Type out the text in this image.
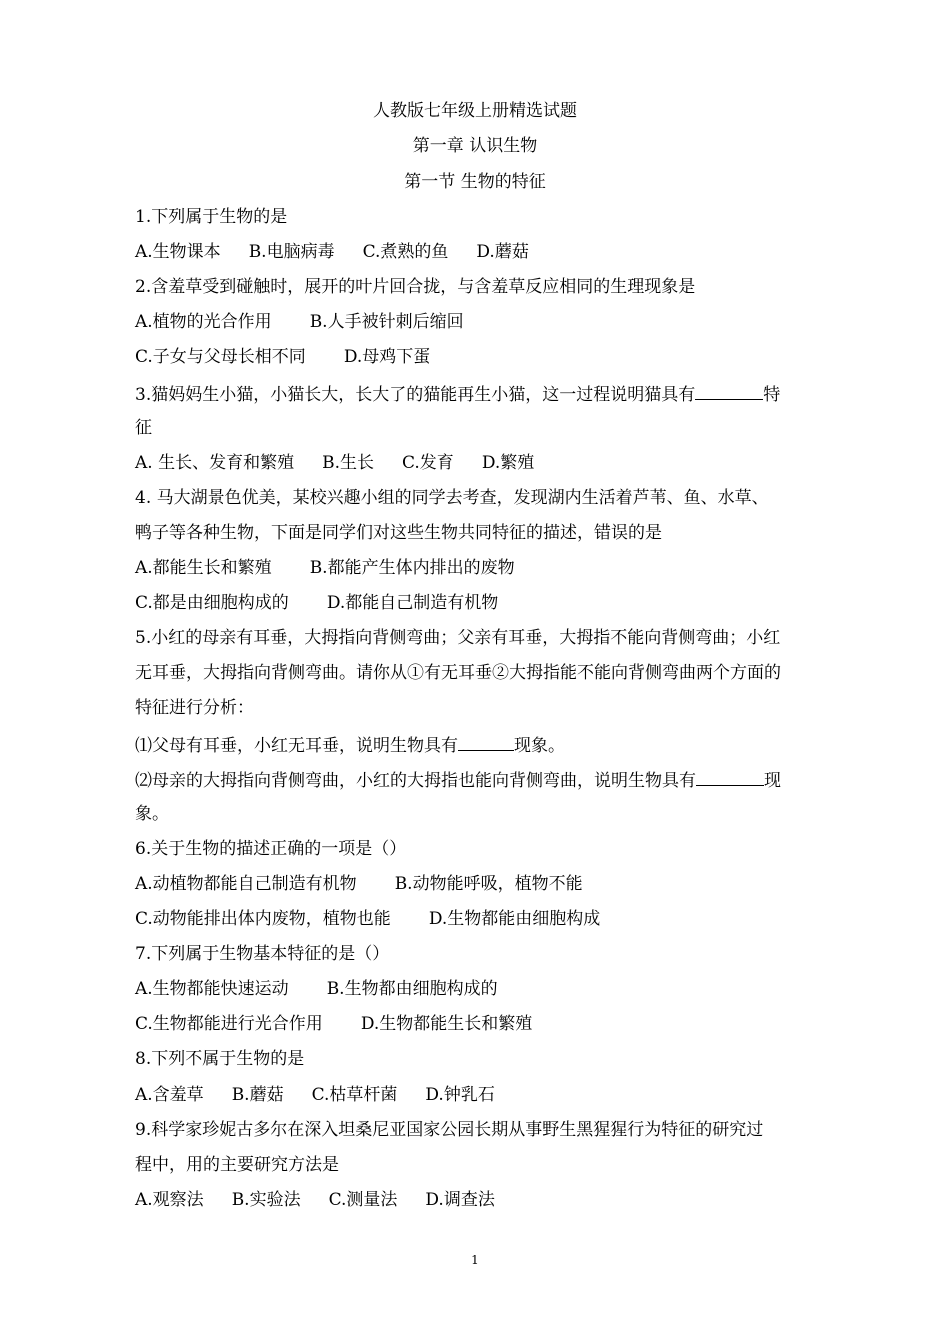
人教版七年级上册精选试题
第一章 认识生物
第一节 生物的特征
1.下列属于生物的是
A.生物课本 B.电脑病毒 C.煮熟的鱼 D.蘑菇
2.含羞草受到碰触时，展开的叶片回合拢，与含羞草反应相同的生理现象是
A.植物的光合作用 B.人手被针刺后缩回
C.子女与父母长相不同 D.母鸡下蛋
3.猫妈妈生小猫，小猫长大，长大了的猫能再生小猫，这一过程说明猫具有	特
征
A. 生长、发育和繁殖 B.生长 C.发育 D.繁殖
4. 马大湖景色优美，某校兴趣小组的同学去考查，发现湖内生活着芦苇、鱼、水草、
鸭子等各种生物，下面是同学们对这些生物共同特征的描述，错误的是
A.都能生长和繁殖 B.都能产生体内排出的废物
C.都是由细胞构成的 D.都能自己制造有机物
5.小红的母亲有耳垂，大拇指向背侧弯曲；父亲有耳垂，大拇指不能向背侧弯曲；小红
无耳垂，大拇指向背侧弯曲。请你从①有无耳垂②大拇指能不能向背侧弯曲两个方面的
特征进行分析：
⑴父母有耳垂，小红无耳垂，说明生物具有	现象。
⑵母亲的大拇指向背侧弯曲，小红的大拇指也能向背侧弯曲，说明生物具有	现
象。
6.关于生物的描述正确的一项是（）
A.动植物都能自己制造有机物 B.动物能呼吸，植物不能
C.动物能排出体内废物，植物也能 D.生物都能由细胞构成
7.下列属于生物基本特征的是（）
A.生物都能快速运动 B.生物都由细胞构成的
C.生物都能进行光合作用 D.生物都能生长和繁殖
8.下列不属于生物的是
A.含羞草 B.蘑菇 C.枯草杆菌 D.钟乳石
9.科学家珍妮古多尔在深入坦桑尼亚国家公园长期从事野生黑猩猩行为特征的研究过
程中，用的主要研究方法是
A.观察法 B.实验法 C.测量法 D.调查法
1
